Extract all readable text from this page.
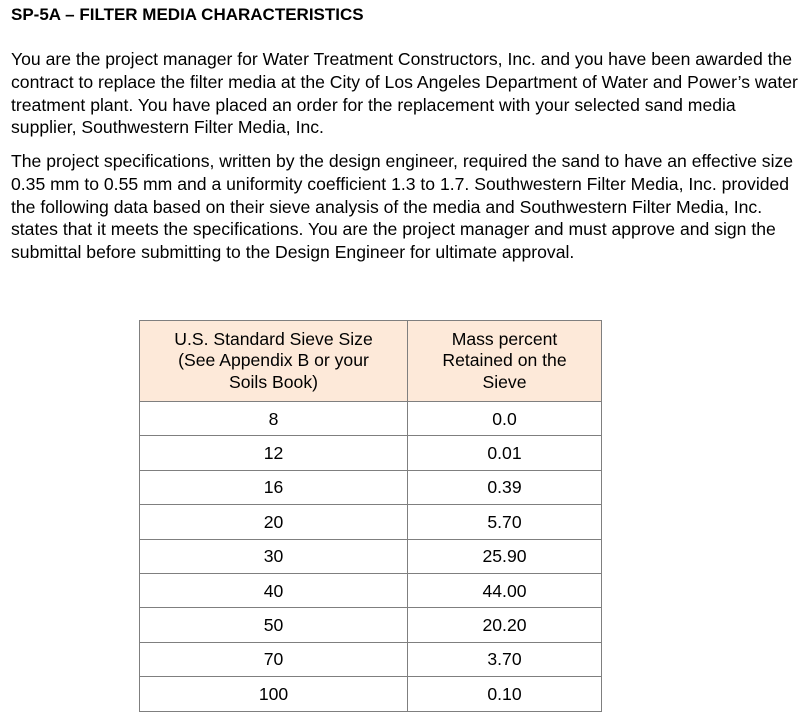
SP-5A – FILTER MEDIA CHARACTERISTICS

You are the project manager for Water Treatment Constructors, Inc. and you have been awarded the contract to replace the filter media at the City of Los Angeles Department of Water and Power’s water treatment plant. You have placed an order for the replacement with your selected sand media supplier, Southwestern Filter Media, Inc.

The project specifications, written by the design engineer, required the sand to have an effective size 0.35 mm to 0.55 mm and a uniformity coefficient 1.3 to 1.7. Southwestern Filter Media, Inc. provided the following data based on their sieve analysis of the media and Southwestern Filter Media, Inc. states that it meets the specifications. You are the project manager and must approve and sign the submittal before submitting to the Design Engineer for ultimate approval.

U.S. Standard Sieve Size
(See Appendix B or your
Soils Book)	Mass percent
Retained on the
Sieve

8	0.0
12	0.01
16	0.39
20	5.70
30	25.90
40	44.00
50	20.20
70	3.70
100	0.10
